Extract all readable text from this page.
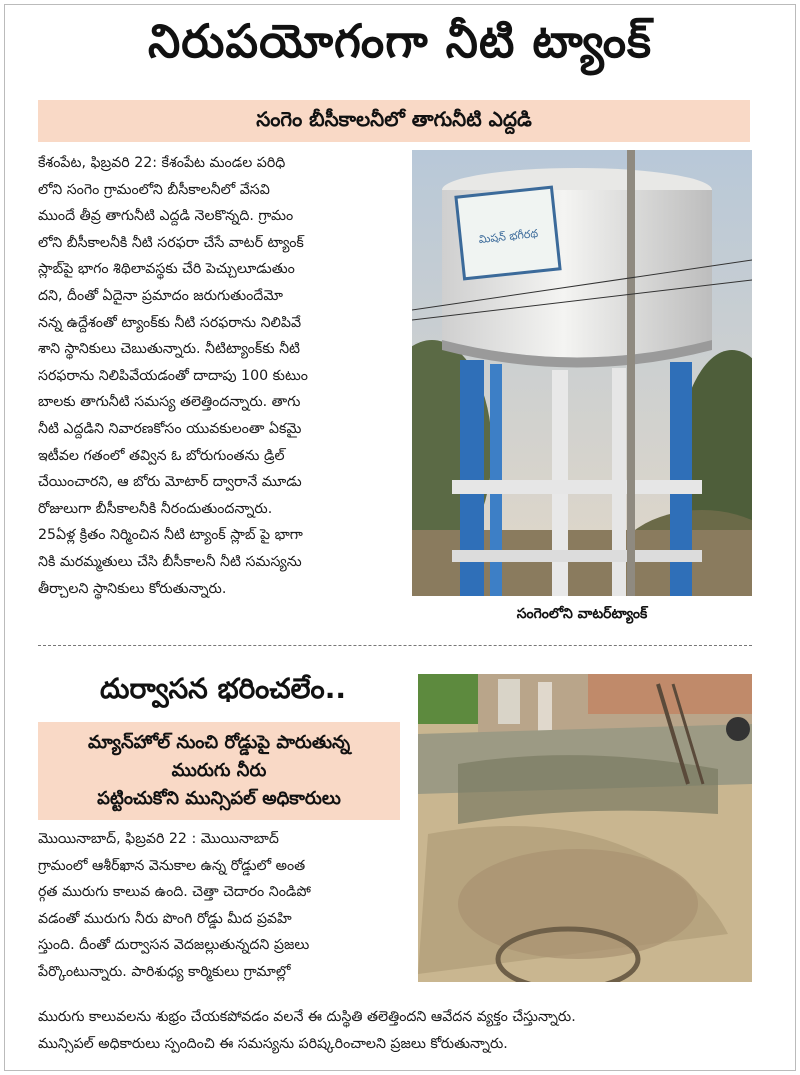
నిరుపయోగంగా నీటి ట్యాంక్
సంగెం బీసీకాలనీలో తాగునీటి ఎద్దడి
కేశంపేట, ఫిబ్రవరి 22: కేశంపేట మండల పరిధి
లోని సంగెం గ్రామంలోని బీసీకాలనీలో వేసవి
ముందే తీవ్ర తాగునీటి ఎద్దడి నెలకొన్నది. గ్రామం
లోని బీసీకాలనీకి నీటి సరఫరా చేసే వాటర్ ట్యాంక్
స్లాబ్‌పై భాగం శిథిలావస్థకు చేరి పెచ్చులూడుతుం
దని, దీంతో ఏదైనా ప్రమాదం జరుగుతుందేమో
నన్న ఉద్దేశంతో ట్యాంక్‌కు నీటి సరఫరాను నిలిపివే
శాని స్థానికులు చెబుతున్నారు. నీటిట్యాంక్‌కు నీటి
సరఫరాను నిలిపివేయడంతో దాదాపు 100 కుటుం
బాలకు తాగునీటి సమస్య తలెత్తిందన్నారు. తాగు
నీటి ఎద్దడిని నివారణకోసం యువకులంతా ఏకమై
ఇటీవల గతంలో తవ్విన ఓ బోరుగుంతను డ్రిల్
చేయించారని, ఆ బోరు మోటార్ ద్వారానే మూడు
రోజులుగా బీసీకాలనీకి నీరందుతుందన్నారు.
25ఏళ్ల క్రితం నిర్మించిన నీటి ట్యాంక్ స్లాబ్ పై భాగా
నికి మరమ్మతులు చేసి బీసీకాలనీ నీటి సమస్యను
తీర్చాలని స్థానికులు కోరుతున్నారు.
మిషన్ భగీరథ
సంగెంలోని వాటర్‌ట్యాంక్
దుర్వాసన భరించలేం..
మ్యాన్‌హోల్ నుంచి రోడ్డుపై పారుతున్న
మురుగు నీరు
పట్టించుకోని మున్సిపల్ అధికారులు
మొయినాబాద్, ఫిబ్రవరి 22 : మొయినాబాద్
గ్రామంలో ఆశీర్‌ఖాన వెనుకాల ఉన్న రోడ్డులో అంత
ర్గత మురుగు కాలువ ఉంది. చెత్తా చెదారం నిండిపో
వడంతో మురుగు నీరు పొంగి రోడ్డు మీద ప్రవహి
స్తుంది. దీంతో దుర్వాసన వెదజల్లుతున్నదని ప్రజలు
పేర్కొంటున్నారు. పారిశుధ్య కార్మికులు గ్రామాల్లో
మురుగు కాలువలను శుభ్రం చేయకపోవడం వలనే ఈ దుస్థితి తలెత్తిందని ఆవేదన వ్యక్తం చేస్తున్నారు.
మున్సిపల్ అధికారులు స్పందించి ఈ సమస్యను పరిష్కరించాలని ప్రజలు కోరుతున్నారు.
